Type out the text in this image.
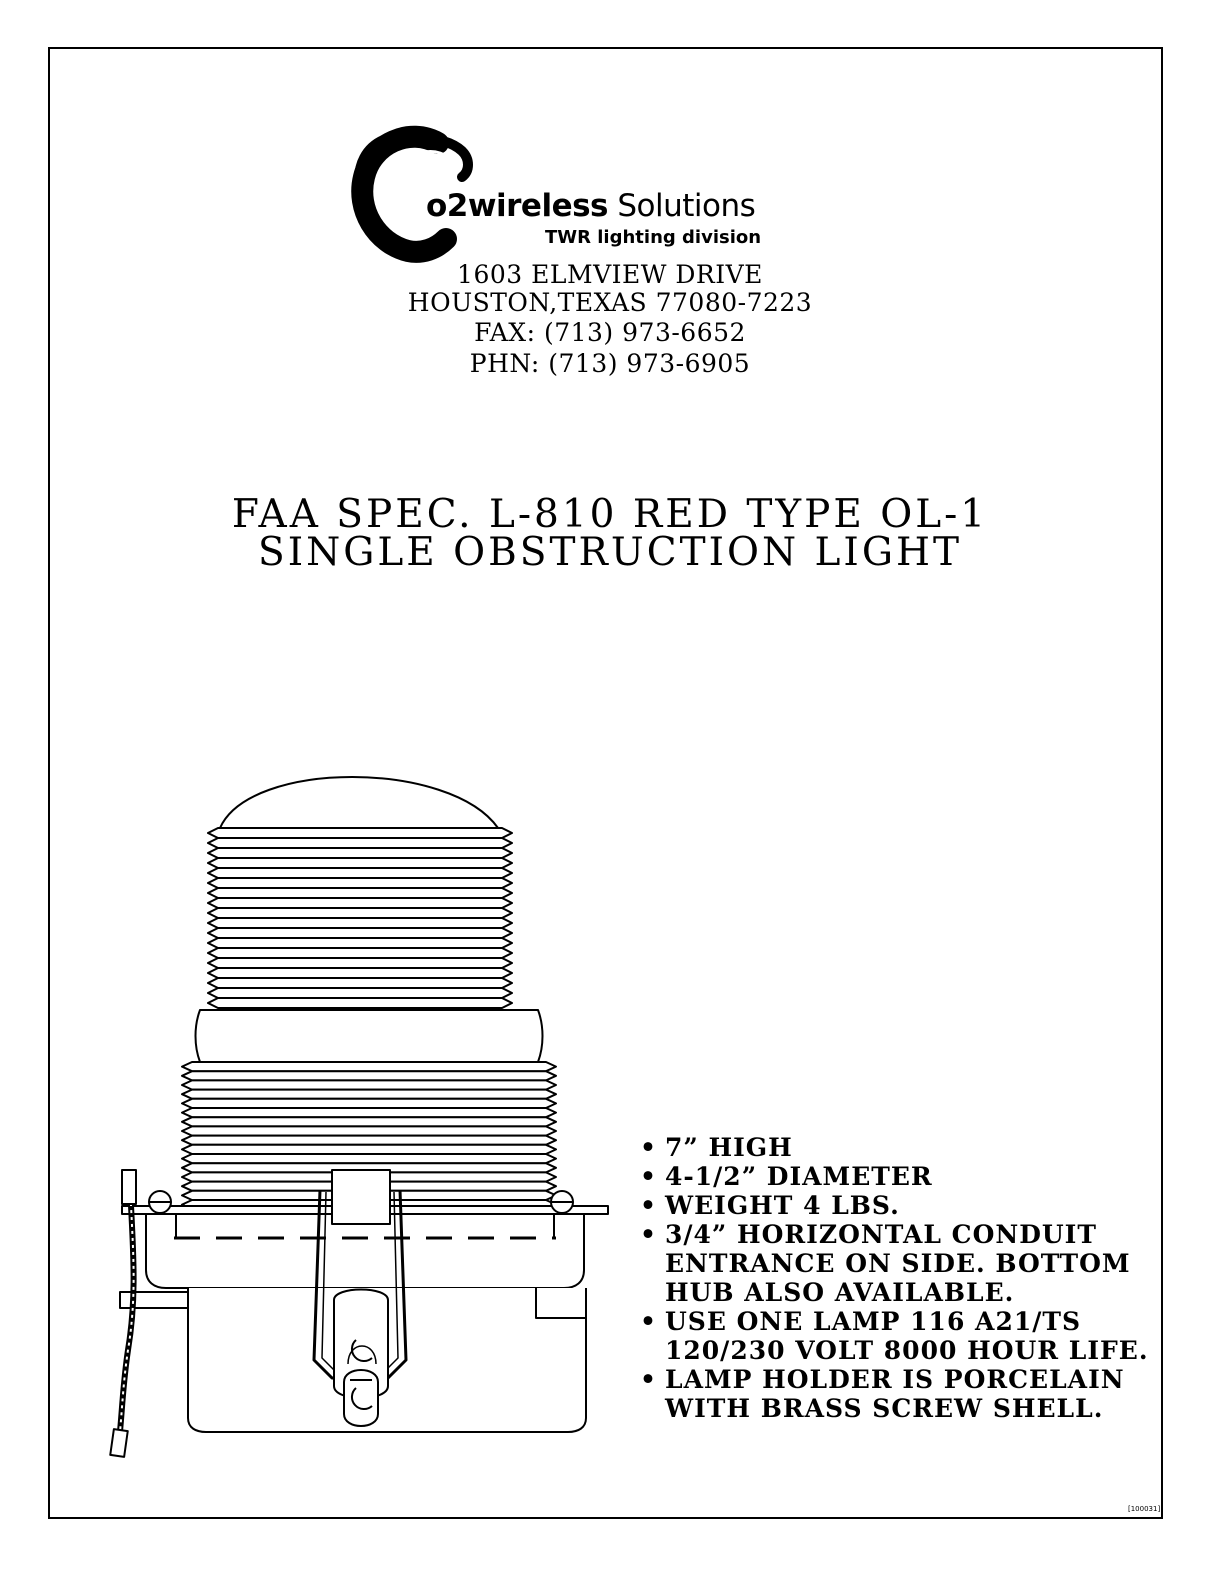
o2wireless Solutions
TWR lighting division
1603 ELMVIEW DRIVE
HOUSTON,TEXAS 77080-7223
FAX: (713) 973-6652
PHN: (713) 973-6905
FAA SPEC. L-810 RED TYPE OL-1
SINGLE OBSTRUCTION LIGHT
• 7” HIGH
• 4-1/2” DIAMETER
• WEIGHT 4 LBS.
• 3/4” HORIZONTAL CONDUIT
ENTRANCE ON SIDE. BOTTOM
HUB ALSO AVAILABLE.
• USE ONE LAMP 116 A21/TS
120/230 VOLT 8000 HOUR LIFE.
• LAMP HOLDER IS PORCELAIN
WITH BRASS SCREW SHELL.
[100031]
